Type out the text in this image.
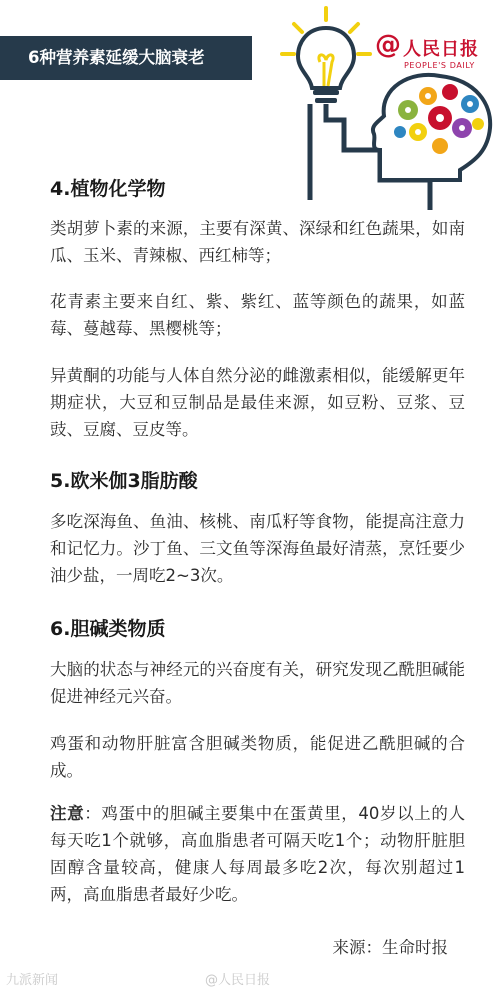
6种营养素延缓大脑衰老	@ 人民日报
PEOPLE'S DAILY
4.植物化学物
类胡萝卜素的来源，主要有深黄、深绿和红色蔬果，如南瓜、玉米、青辣椒、西红柿等；
花青素主要来自红、紫、紫红、蓝等颜色的蔬果，如蓝莓、蔓越莓、黑樱桃等；
异黄酮的功能与人体自然分泌的雌激素相似，能缓解更年期症状，大豆和豆制品是最佳来源，如豆粉、豆浆、豆豉、豆腐、豆皮等。
5.欧米伽3脂肪酸
多吃深海鱼、鱼油、核桃、南瓜籽等食物，能提高注意力和记忆力。沙丁鱼、三文鱼等深海鱼最好清蒸，烹饪要少油少盐，一周吃2~3次。
6.胆碱类物质
大脑的状态与神经元的兴奋度有关，研究发现乙酰胆碱能促进神经元兴奋。
鸡蛋和动物肝脏富含胆碱类物质，能促进乙酰胆碱的合成。
注意：鸡蛋中的胆碱主要集中在蛋黄里，40岁以上的人每天吃1个就够，高血脂患者可隔天吃1个；动物肝脏胆固醇含量较高，健康人每周最多吃2次，每次别超过1两，高血脂患者最好少吃。
来源：生命时报
九派新闻	@人民日报
